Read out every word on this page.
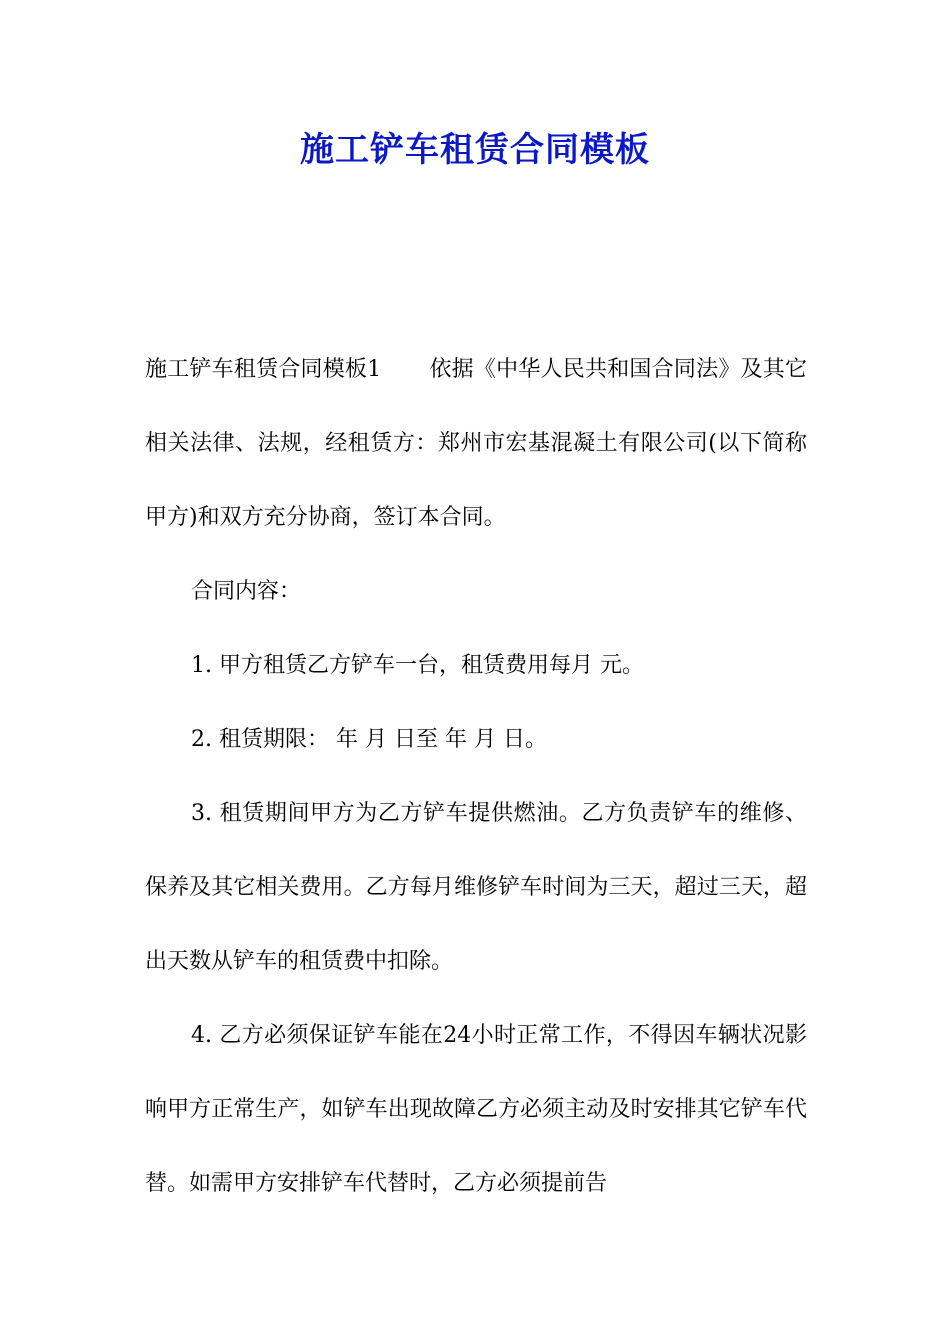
施工铲车租赁合同模板

施工铲车租赁合同模板1 依据《中华人民共和国合同法》及其它相关法律、法规，经租赁方：郑州市宏基混凝土有限公司(以下简称甲方)和双方充分协商，签订本合同。

合同内容：

1. 甲方租赁乙方铲车一台，租赁费用每月 元。

2. 租赁期限： 年 月 日至 年 月 日。

3. 租赁期间甲方为乙方铲车提供燃油。乙方负责铲车的维修、保养及其它相关费用。乙方每月维修铲车时间为三天，超过三天，超出天数从铲车的租赁费中扣除。

4. 乙方必须保证铲车能在24小时正常工作，不得因车辆状况影响甲方正常生产，如铲车出现故障乙方必须主动及时安排其它铲车代替。如需甲方安排铲车代替时，乙方必须提前告
